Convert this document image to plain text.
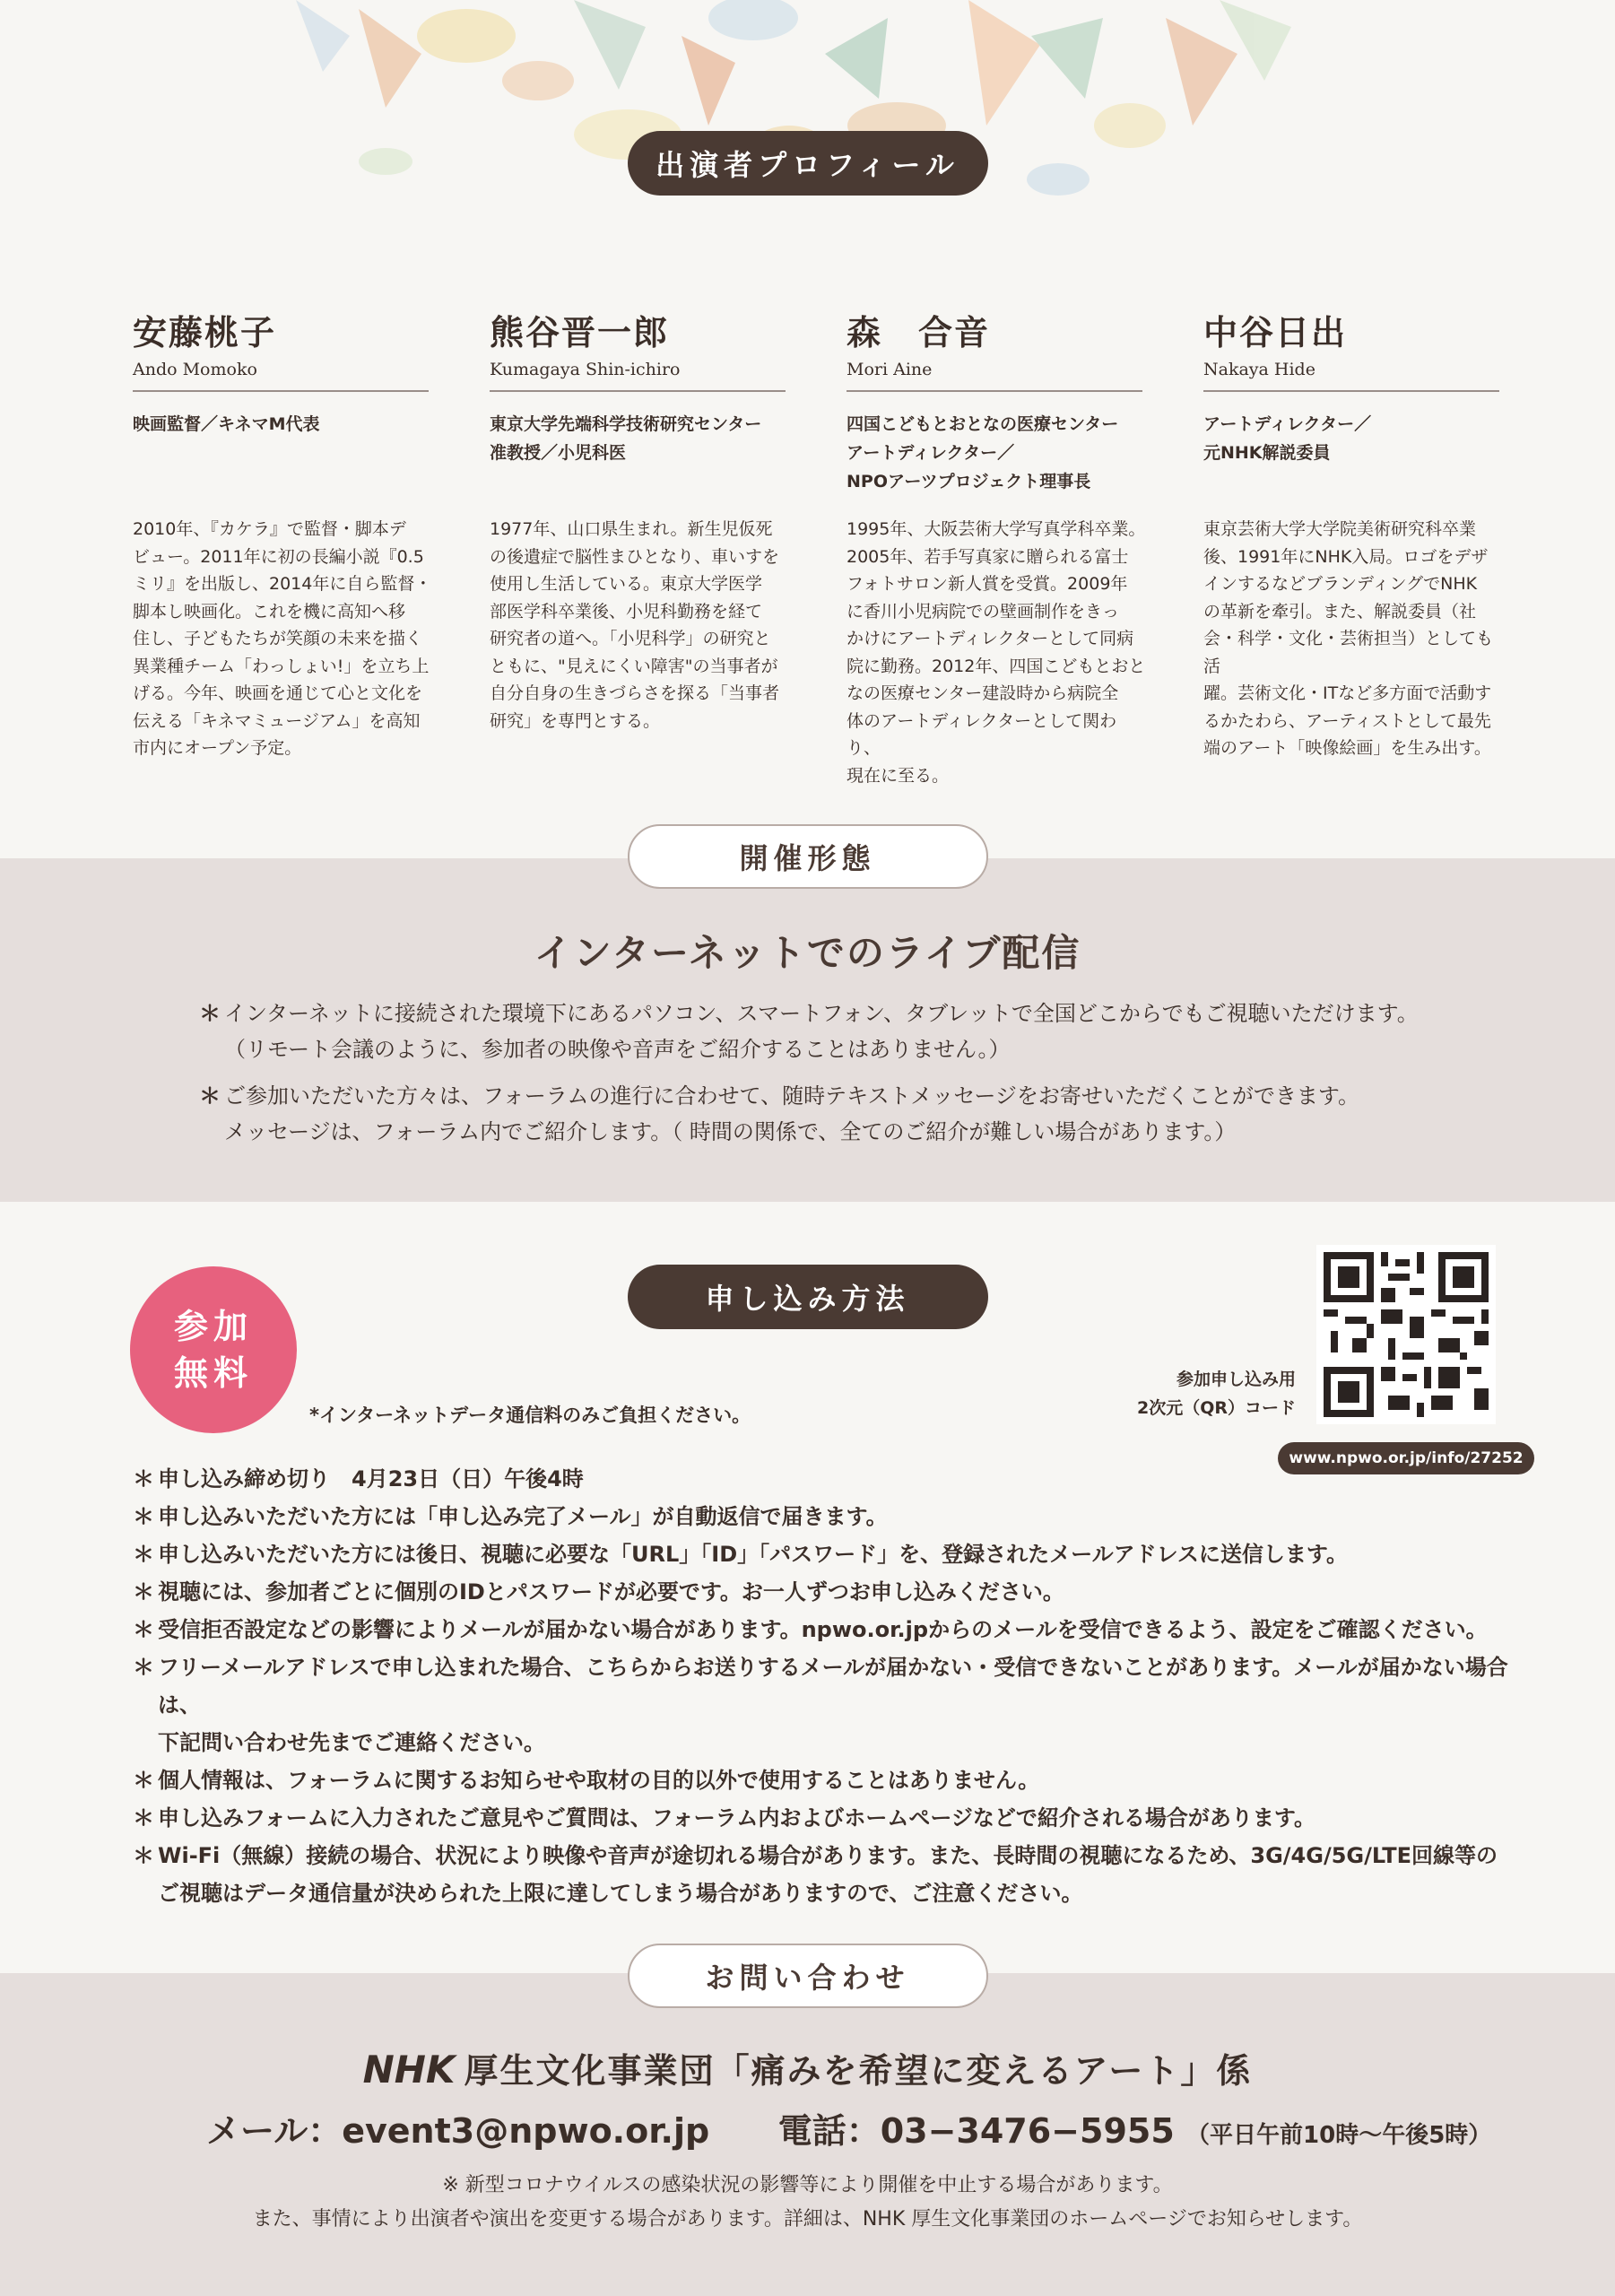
出演者プロフィール
安藤桃子
Ando Momoko
映画監督／キネマM代表
2010年、『カケラ』で監督・脚本デ
ビュー。2011年に初の長編小説『0.5
ミリ』を出版し、2014年に自ら監督・
脚本し映画化。これを機に高知へ移
住し、子どもたちが笑顔の未来を描く
異業種チーム「わっしょい!」を立ち上
げる。今年、映画を通じて心と文化を
伝える「キネマミュージアム」を高知
市内にオープン予定。
熊谷晋一郎
Kumagaya Shin-ichiro
東京大学先端科学技術研究センター
准教授／小児科医
1977年、山口県生まれ。新生児仮死
の後遺症で脳性まひとなり、車いすを
使用し生活している。東京大学医学
部医学科卒業後、小児科勤務を経て
研究者の道へ。「小児科学」の研究と
ともに、"見えにくい障害"の当事者が
自分自身の生きづらさを探る「当事者
研究」を専門とする。
森　合音
Mori Aine
四国こどもとおとなの医療センター
アートディレクター／
NPOアーツプロジェクト理事長
1995年、大阪芸術大学写真学科卒業。
2005年、若手写真家に贈られる富士
フォトサロン新人賞を受賞。2009年
に香川小児病院での壁画制作をきっ
かけにアートディレクターとして同病
院に勤務。2012年、四国こどもとおと
なの医療センター建設時から病院全
体のアートディレクターとして関わり、
現在に至る。
中谷日出
Nakaya Hide
アートディレクター／
元NHK解説委員
東京芸術大学大学院美術研究科卒業
後、1991年にNHK入局。ロゴをデザ
インするなどブランディングでNHK
の革新を牽引。また、解説委員（社
会・科学・文化・芸術担当）としても活
躍。芸術文化・ITなど多方面で活動す
るかたわら、アーティストとして最先
端のアート「映像絵画」を生み出す。
開催形態
インターネットでのライブ配信
＊ インターネットに接続された環境下にあるパソコン、スマートフォン、タブレットで全国どこからでもご視聴いただけます。
（リモート会議のように、参加者の映像や音声をご紹介することはありません。）
＊ ご参加いただいた方々は、フォーラムの進行に合わせて、随時テキストメッセージをお寄せいただくことができます。
メッセージは、フォーラム内でご紹介します。（ 時間の関係で、全てのご紹介が難しい場合があります。）
申し込み方法
参加
無料
*インターネットデータ通信料のみご負担ください。
参加申し込み用
2次元（QR）コード
www.npwo.or.jp/info/27252
＊ 申し込み締め切り　4月23日（日）午後4時
＊ 申し込みいただいた方には「申し込み完了メール」が自動返信で届きます。
＊ 申し込みいただいた方には後日、視聴に必要な「URL」「ID」「パスワード」を、登録されたメールアドレスに送信します。
＊ 視聴には、参加者ごとに個別のIDとパスワードが必要です。お一人ずつお申し込みください。
＊ 受信拒否設定などの影響によりメールが届かない場合があります。npwo.or.jpからのメールを受信できるよう、設定をご確認ください。
＊ フリーメールアドレスで申し込まれた場合、こちらからお送りするメールが届かない・受信できないことがあります。メールが届かない場合は、
下記問い合わせ先までご連絡ください。
＊ 個人情報は、フォーラムに関するお知らせや取材の目的以外で使用することはありません。
＊ 申し込みフォームに入力されたご意見やご質問は、フォーラム内およびホームページなどで紹介される場合があります。
＊ Wi-Fi（無線）接続の場合、状況により映像や音声が途切れる場合があります。また、長時間の視聴になるため、3G/4G/5G/LTE回線等の
ご視聴はデータ通信量が決められた上限に達してしまう場合がありますので、ご注意ください。
お問い合わせ
NHK 厚生文化事業団「痛みを希望に変えるアート」係
メール：event3@npwo.or.jp 電話：03−3476−5955 （平日午前10時〜午後5時）
※ 新型コロナウイルスの感染状況の影響等により開催を中止する場合があります。
また、事情により出演者や演出を変更する場合があります。詳細は、NHK 厚生文化事業団のホームページでお知らせします。
